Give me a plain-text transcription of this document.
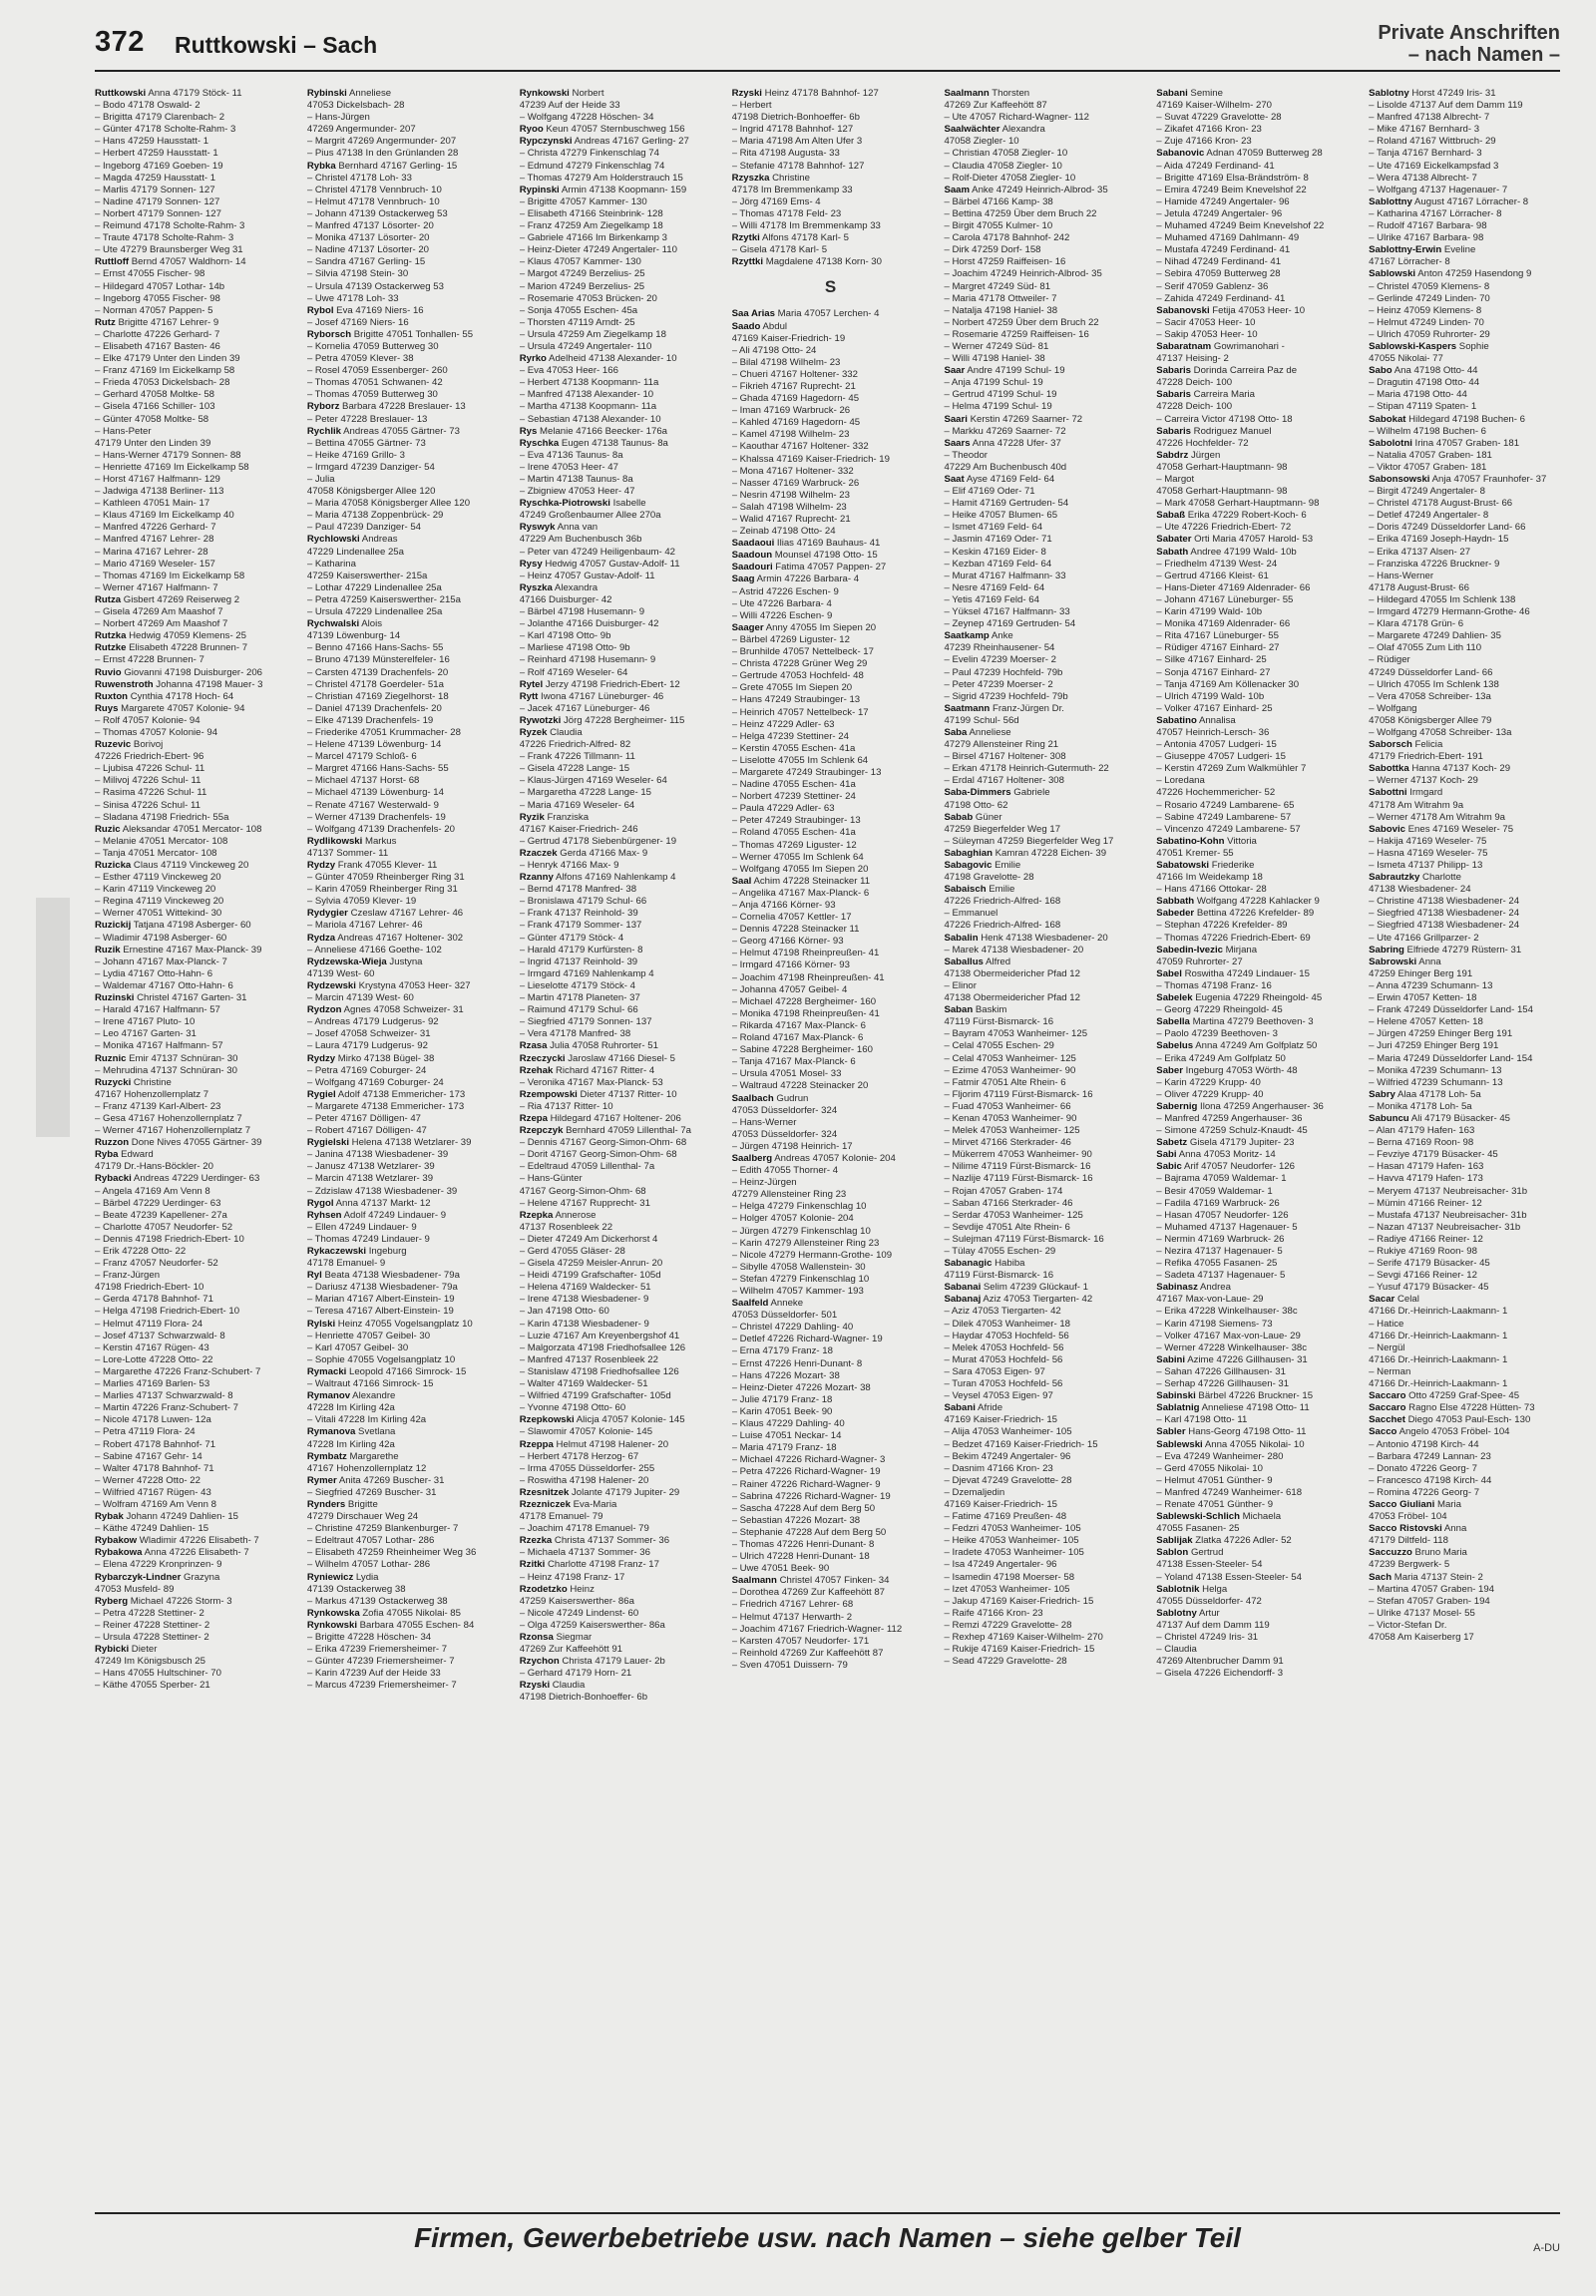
372 Ruttkowski – Sach	Private Anschriften
– nach Namen –
Ruttkowski Anna 47179 Stöck- 11
– Bodo 47178 Oswald- 2
– Brigitta 47179 Clarenbach- 2
– Günter 47178 Scholte-Rahm- 3
– Hans 47259 Hausstatt- 1
– Herbert 47259 Hausstatt- 1
– Ingeborg 47169 Goeben- 19
– Magda 47259 Hausstatt- 1
– Marlis 47179 Sonnen- 127
– Nadine 47179 Sonnen- 127
– Norbert 47179 Sonnen- 127
– Reimund 47178 Scholte-Rahm- 3
– Traute 47178 Scholte-Rahm- 3
– Ute 47279 Braunsberger Weg 31
Ruttloff Bernd 47057 Waldhorn- 14
– Ernst 47055 Fischer- 98
– Hildegard 47057 Lothar- 14b
– Ingeborg 47055 Fischer- 98
– Norman 47057 Pappen- 5
Rutz Brigitte 47167 Lehrer- 9
– Charlotte 47226 Gerhard- 7
– Elisabeth 47167 Basten- 46
– Elke 47179 Unter den Linden 39
– Franz 47169 Im Eickelkamp 58
– Frieda 47053 Dickelsbach- 28
– Gerhard 47058 Moltke- 58
– Gisela 47166 Schiller- 103
– Günter 47058 Moltke- 58
– Hans-Peter
47179 Unter den Linden 39
– Hans-Werner 47179 Sonnen- 88
– Henriette 47169 Im Eickelkamp 58
– Horst 47167 Halfmann- 129
– Jadwiga 47138 Berliner- 113
– Kathleen 47051 Main- 17
– Klaus 47169 Im Eickelkamp 40
– Manfred 47226 Gerhard- 7
– Manfred 47167 Lehrer- 28
– Marina 47167 Lehrer- 28
– Mario 47169 Weseler- 157
– Thomas 47169 Im Eickelkamp 58
– Werner 47167 Halfmann- 7
Rutza Gisbert 47269 Reiserweg 2
– Gisela 47269 Am Maashof 7
– Norbert 47269 Am Maashof 7
Rutzka Hedwig 47059 Klemens- 25
Rutzke Elisabeth 47228 Brunnen- 7
– Ernst 47228 Brunnen- 7
Ruvio Giovanni 47198 Duisburger- 206
Ruwenstroth Johanna 47198 Mauer- 3
Ruxton Cynthia 47178 Hoch- 64
Ruys Margarete 47057 Kolonie- 94
– Rolf 47057 Kolonie- 94
– Thomas 47057 Kolonie- 94
Ruzevic Borivoj
47226 Friedrich-Ebert- 96
– Ljubisa 47226 Schul- 11
– Milivoj 47226 Schul- 11
– Rasima 47226 Schul- 11
– Sinisa 47226 Schul- 11
– Sladana 47198 Friedrich- 55a
Ruzic Aleksandar 47051 Mercator- 108
– Melanie 47051 Mercator- 108
– Tanja 47051 Mercator- 108
Ruzicka Claus 47119 Vinckeweg 20
– Esther 47119 Vinckeweg 20
– Karin 47119 Vinckeweg 20
– Regina 47119 Vinckeweg 20
– Werner 47051 Wittekind- 30
Ruzickij Tatjana 47198 Asberger- 60
– Wladimir 47198 Asberger- 60
Ruzik Ernestine 47167 Max-Planck- 39
– Johann 47167 Max-Planck- 7
– Lydia 47167 Otto-Hahn- 6
– Waldemar 47167 Otto-Hahn- 6
Ruzinski Christel 47167 Garten- 31
– Harald 47167 Halfmann- 57
– Irene 47167 Pluto- 10
– Leo 47167 Garten- 31
– Monika 47167 Halfmann- 57
Ruznic Emir 47137 Schnüran- 30
– Mehrudina 47137 Schnüran- 30
Ruzycki Christine
47167 Hohenzollernplatz 7
– Franz 47139 Karl-Albert- 23
– Gesa 47167 Hohenzollernplatz 7
– Werner 47167 Hohenzollernplatz 7
Ruzzon Done Nives 47055 Gärtner- 39
Ryba Edward
47179 Dr.-Hans-Böckler- 20
Rybacki Andreas 47229 Uerdinger- 63
– Angela 47169 Am Venn 8
– Bärbel 47229 Uerdinger- 63
– Beate 47239 Kapellener- 27a
– Charlotte 47057 Neudorfer- 52
– Dennis 47198 Friedrich-Ebert- 10
– Erik 47228 Otto- 22
– Franz 47057 Neudorfer- 52
– Franz-Jürgen
47198 Friedrich-Ebert- 10
– Gerda 47178 Bahnhof- 71
– Helga 47198 Friedrich-Ebert- 10
– Helmut 47119 Flora- 24
– Josef 47137 Schwarzwald- 8
– Kerstin 47167 Rügen- 43
– Lore-Lotte 47228 Otto- 22
– Margarethe 47226 Franz-Schubert- 7
– Marlies 47169 Barlen- 53
– Marlies 47137 Schwarzwald- 8
– Martin 47226 Franz-Schubert- 7
– Nicole 47178 Luwen- 12a
– Petra 47119 Flora- 24
– Robert 47178 Bahnhof- 71
– Sabine 47167 Gehr- 14
– Walter 47178 Bahnhof- 71
– Werner 47228 Otto- 22
– Wilfried 47167 Rügen- 43
– Wolfram 47169 Am Venn 8
Rybak Johann 47249 Dahlien- 15
– Käthe 47249 Dahlien- 15
Rybakow Wladimir 47226 Elisabeth- 7
Rybakowa Anna 47226 Elisabeth- 7
– Elena 47229 Kronprinzen- 9
Rybarczyk-Lindner Grazyna
47053 Musfeld- 89
Ryberg Michael 47226 Storm- 3
– Petra 47228 Stettiner- 2
– Reiner 47228 Stettiner- 2
– Ursula 47228 Stettiner- 2
Rybicki Dieter
47249 Im Königsbusch 25
– Hans 47055 Hultschiner- 70
– Käthe 47055 Sperber- 21
Rybinski Anneliese
47053 Dickelsbach- 28
– Hans-Jürgen
47269 Angermunder- 207
– Margrit 47269 Angermunder- 207
– Pius 47138 In den Grünlanden 28
Rybka Bernhard 47167 Gerling- 15
– Christel 47178 Loh- 33
– Christel 47178 Vennbruch- 10
– Helmut 47178 Vennbruch- 10
– Johann 47139 Ostackerweg 53
– Manfred 47137 Lösorter- 20
– Monika 47137 Lösorter- 20
– Nadine 47137 Lösorter- 20
– Sandra 47167 Gerling- 15
– Silvia 47198 Stein- 30
– Ursula 47139 Ostackerweg 53
– Uwe 47178 Loh- 33
Rybol Eva 47169 Niers- 16
– Josef 47169 Niers- 16
Ryborsch Brigitte 47051 Tonhallen- 55
– Kornelia 47059 Butterweg 30
– Petra 47059 Klever- 38
– Rosel 47059 Essenberger- 260
– Thomas 47051 Schwanen- 42
– Thomas 47059 Butterweg 30
Ryborz Barbara 47228 Breslauer- 13
– Peter 47228 Breslauer- 13
Rychlik Andreas 47055 Gärtner- 73
– Bettina 47055 Gärtner- 73
– Heike 47169 Grillo- 3
– Irmgard 47239 Danziger- 54
– Julia
47058 Königsberger Allee 120
– Maria 47058 Königsberger Allee 120
– Maria 47138 Zoppenbrück- 29
– Paul 47239 Danziger- 54
Rychlowski Andreas
47229 Lindenallee 25a
– Katharina
47259 Kaiserswerther- 215a
– Lothar 47229 Lindenallee 25a
– Petra 47259 Kaiserswerther- 215a
– Ursula 47229 Lindenallee 25a
Rychwalski Alois
47139 Löwenburg- 14
– Benno 47166 Hans-Sachs- 55
– Bruno 47139 Münsterelfeler- 16
– Carsten 47139 Drachenfels- 20
– Christel 47178 Goerdeler- 51a
– Christian 47169 Ziegelhorst- 18
– Daniel 47139 Drachenfels- 20
– Elke 47139 Drachenfels- 19
– Friederike 47051 Krummacher- 28
– Helene 47139 Löwenburg- 14
– Marcel 47179 Schloß- 6
– Margret 47166 Hans-Sachs- 55
– Michael 47137 Horst- 68
– Michael 47139 Löwenburg- 14
– Renate 47167 Westerwald- 9
– Werner 47139 Drachenfels- 19
– Wolfgang 47139 Drachenfels- 20
Rydlikowski Markus
47137 Sommer- 11
Rydzy Frank 47055 Klever- 11
– Günter 47059 Rheinberger Ring 31
– Karin 47059 Rheinberger Ring 31
– Sylvia 47059 Klever- 19
Rydygier Czeslaw 47167 Lehrer- 46
– Mariola 47167 Lehrer- 46
Rydza Andreas 47167 Holtener- 302
– Anneliese 47166 Goethe- 102
Rydzewska-Wieja Justyna
47139 West- 60
Rydzewski Krystyna 47053 Heer- 327
– Marcin 47139 West- 60
Rydzon Agnes 47058 Schweizer- 31
– Andreas 47179 Ludgerus- 92
– Josef 47058 Schweizer- 31
– Laura 47179 Ludgerus- 92
Rydzy Mirko 47138 Bügel- 38
– Petra 47169 Coburger- 24
– Wolfgang 47169 Coburger- 24
Rygiel Adolf 47138 Emmericher- 173
– Margarete 47138 Emmericher- 173
– Peter 47167 Dölligen- 47
– Robert 47167 Dölligen- 47
Rygielski Helena 47138 Wetzlarer- 39
– Janina 47138 Wiesbadener- 39
– Janusz 47138 Wetzlarer- 39
– Marcin 47138 Wetzlarer- 39
– Zdzislaw 47138 Wiesbadener- 39
Rygol Anna 47137 Markt- 12
Ryhsen Adolf 47249 Lindauer- 9
– Ellen 47249 Lindauer- 9
– Thomas 47249 Lindauer- 9
Rykaczewski Ingeburg
47178 Emanuel- 9
Ryl Beata 47138 Wiesbadener- 79a
– Dariusz 47138 Wiesbadener- 79a
– Marian 47167 Albert-Einstein- 19
– Teresa 47167 Albert-Einstein- 19
Rylski Heinz 47055 Vogelsangplatz 10
– Henriette 47057 Geibel- 30
– Karl 47057 Geibel- 30
– Sophie 47055 Vogelsangplatz 10
Rymacki Leopold 47166 Simrock- 15
– Waltraut 47166 Simrock- 15
Rymanov Alexandre
47228 Im Kirling 42a
– Vitali 47228 Im Kirling 42a
Rymanova Svetlana
47228 Im Kirling 42a
Rymbatz Margarethe
47167 Hohenzollernplatz 12
Rymer Anita 47269 Buscher- 31
– Siegfried 47269 Buscher- 31
Rynders Brigitte
47279 Dirschauer Weg 24
– Christine 47259 Blankenburger- 7
– Edeltraut 47057 Lothar- 286
– Elisabeth 47259 Rheinheimer Weg 36
– Wilhelm 47057 Lothar- 286
Ryniewicz Lydia
47139 Ostackerweg 38
– Markus 47139 Ostackerweg 38
Rynkowska Zofia 47055 Nikolai- 85
Rynkowski Barbara 47055 Eschen- 84
– Brigitte 47228 Höschen- 34
– Erika 47239 Friemersheimer- 7
– Günter 47239 Friemersheimer- 7
– Karin 47239 Auf der Heide 33
– Marcus 47239 Friemersheimer- 7
Rynkowski Norbert
47239 Auf der Heide 33
– Wolfgang 47228 Höschen- 34
Ryoo Keun 47057 Sternbuschweg 156
Rypczynski Andreas 47167 Gerling- 27
– Christa 47279 Finkenschlag 74
– Edmund 47279 Finkenschlag 74
– Thomas 47279 Am Holderstrauch 15
Rypinski Armin 47138 Koopmann- 159
– Brigitte 47057 Kammer- 130
– Elisabeth 47166 Steinbrink- 128
– Franz 47259 Am Ziegelkamp 18
– Gabriele 47166 Im Birkenkamp 3
– Heinz-Dieter 47249 Angertaler- 110
– Klaus 47057 Kammer- 130
– Margot 47249 Berzelius- 25
– Marion 47249 Berzelius- 25
– Rosemarie 47053 Brücken- 20
– Sonja 47055 Eschen- 45a
– Thorsten 47119 Arndt- 25
– Ursula 47259 Am Ziegelkamp 18
– Ursula 47249 Angertaler- 110
Ryrko Adelheid 47138 Alexander- 10
– Eva 47053 Heer- 166
– Herbert 47138 Koopmann- 11a
– Manfred 47138 Alexander- 10
– Martha 47138 Koopmann- 11a
– Sebastian 47138 Alexander- 10
Rys Melanie 47166 Beecker- 176a
Ryschka Eugen 47138 Taunus- 8a
– Eva 47136 Taunus- 8a
– Irene 47053 Heer- 47
– Martin 47138 Taunus- 8a
– Zbigniew 47053 Heer- 47
Ryschka-Piotrowski Isabelle
47249 Großenbaumer Allee 270a
Ryswyk Anna van
47229 Am Buchenbusch 36b
– Peter van 47249 Heiligenbaum- 42
Rysy Hedwig 47057 Gustav-Adolf- 11
– Heinz 47057 Gustav-Adolf- 11
Ryszka Alexandra
47166 Duisburger- 42
– Bärbel 47198 Husemann- 9
– Jolanthe 47166 Duisburger- 42
– Karl 47198 Otto- 9b
– Marliese 47198 Otto- 9b
– Reinhard 47198 Husemann- 9
– Rolf 47169 Weseler- 64
Rytel Jerzy 47198 Friedrich-Ebert- 12
Rytt Iwona 47167 Lüneburger- 46
– Jacek 47167 Lüneburger- 46
Rywotzki Jörg 47228 Bergheimer- 115
Ryzek Claudia
47226 Friedrich-Alfred- 82
– Frank 47226 Tillmann- 11
– Gisela 47228 Lange- 15
– Klaus-Jürgen 47169 Weseler- 64
– Margaretha 47228 Lange- 15
– Maria 47169 Weseler- 64
Ryzik Franziska
47167 Kaiser-Friedrich- 246
– Gertrud 47178 Siebenbürgener- 19
Rzaczek Gerda 47166 Max- 9
– Henryk 47166 Max- 9
Rzanny Alfons 47169 Nahlenkamp 4
– Bernd 47178 Manfred- 38
– Bronislawa 47179 Schul- 66
– Frank 47137 Reinhold- 39
– Frank 47179 Sommer- 137
– Günter 47179 Stöck- 4
– Harald 47179 Kurfürsten- 8
– Ingrid 47137 Reinhold- 39
– Irmgard 47169 Nahlenkamp 4
– Lieselotte 47179 Stöck- 4
– Martin 47178 Planeten- 37
– Raimund 47179 Schul- 66
– Siegfried 47179 Sonnen- 137
– Vera 47178 Manfred- 38
Rzasa Julia 47058 Ruhrorter- 51
Rzeczycki Jaroslaw 47166 Diesel- 5
Rzehak Richard 47167 Ritter- 4
– Veronika 47167 Max-Planck- 53
Rzempowski Dieter 47137 Ritter- 10
– Ria 47137 Ritter- 10
Rzepa Hildegard 47167 Holtener- 206
Rzepczyk Bernhard 47059 Lillenthal- 7a
– Dennis 47167 Georg-Simon-Ohm- 68
– Dorit 47167 Georg-Simon-Ohm- 68
– Edeltraud 47059 Lillenthal- 7a
– Hans-Günter
47167 Georg-Simon-Ohm- 68
– Helene 47167 Rupprecht- 31
Rzepka Annerose
47137 Rosenbleek 22
– Dieter 47249 Am Dickerhorst 4
– Gerd 47055 Gläser- 28
– Gisela 47259 Meisler-Anrun- 20
– Heidi 47199 Grafschafter- 105d
– Helena 47169 Waldecker- 51
– Irene 47138 Wiesbadener- 9
– Jan 47198 Otto- 60
– Karin 47138 Wiesbadener- 9
– Luzie 47167 Am Kreyenbergshof 41
– Malgorzata 47198 Friedhofsallee 126
– Manfred 47137 Rosenbleek 22
– Stanislaw 47198 Friedhofsallee 126
– Walter 47169 Waldecker- 51
– Wilfried 47199 Grafschafter- 105d
– Yvonne 47198 Otto- 60
Rzepkowski Alicja 47057 Kolonie- 145
– Slawomir 47057 Kolonie- 145
Rzeppa Helmut 47198 Halener- 20
– Herbert 47178 Herzog- 67
– Irma 47055 Düsseldorfer- 255
– Roswitha 47198 Halener- 20
Rzesnitzek Jolante 47179 Jupiter- 29
Rzezniczek Eva-Maria
47178 Emanuel- 79
– Joachim 47178 Emanuel- 79
Rzezka Christa 47137 Sommer- 36
– Michaela 47137 Sommer- 36
Rzitki Charlotte 47198 Franz- 17
– Heinz 47198 Franz- 17
Rzodetzko Heinz
47259 Kaiserswerther- 86a
– Nicole 47249 Lindenst- 60
– Olga 47259 Kaiserswerther- 86a
Rzonsa Siegmar
47269 Zur Kaffeehött 91
Rzychon Christa 47179 Lauer- 2b
– Gerhard 47179 Horn- 21
Rzyski Claudia
47198 Dietrich-Bonhoeffer- 6b
Rzyski Heinz 47178 Bahnhof- 127
– Herbert
47198 Dietrich-Bonhoeffer- 6b
– Ingrid 47178 Bahnhof- 127
– Maria 47198 Am Alten Ufer 3
– Rita 47198 Augusta- 33
– Stefanie 47178 Bahnhof- 127
Rzyszka Christine
47178 Im Bremmenkamp 33
– Jörg 47169 Ems- 4
– Thomas 47178 Feld- 23
– Willi 47178 Im Bremmenkamp 33
Rzytki Alfons 47178 Karl- 5
– Gisela 47178 Karl- 5
Rzyttki Magdalene 47138 Korn- 30
S
Saa Arias Maria 47057 Lerchen- 4
Saado Abdul
47169 Kaiser-Friedrich- 19
– Ali 47198 Otto- 24
– Bilal 47198 Wilhelm- 23
– Chueri 47167 Holtener- 332
– Fikrieh 47167 Ruprecht- 21
– Ghada 47169 Hagedorn- 45
– Iman 47169 Warbruck- 26
– Kahled 47169 Hagedorn- 45
– Kamel 47198 Wilhelm- 23
– Kaouthar 47167 Holtener- 332
– Khalssa 47169 Kaiser-Friedrich- 19
– Mona 47167 Holtener- 332
– Nasser 47169 Warbruck- 26
– Nesrin 47198 Wilhelm- 23
– Salah 47198 Wilhelm- 23
– Walid 47167 Ruprecht- 21
– Zeinab 47198 Otto- 24
Saadaoui Ilias 47169 Bauhaus- 41
Saadoun Mounsel 47198 Otto- 15
Saadouri Fatima 47057 Pappen- 27
Saag Armin 47226 Barbara- 4
– Astrid 47226 Eschen- 9
– Ute 47226 Barbara- 4
– Willi 47226 Eschen- 9
Saager Anny 47055 Im Siepen 20
– Bärbel 47269 Liguster- 12
– Brunhilde 47057 Nettelbeck- 17
– Christa 47228 Grüner Weg 29
– Gertrude 47053 Hochfeld- 48
– Grete 47055 Im Siepen 20
– Hans 47249 Straubinger- 13
– Heinrich 47057 Nettelbeck- 17
– Heinz 47229 Adler- 63
– Helga 47239 Stettiner- 24
– Kerstin 47055 Eschen- 41a
– Liselotte 47055 Im Schlenk 64
– Margarete 47249 Straubinger- 13
– Nadine 47055 Eschen- 41a
– Norbert 47239 Stettiner- 24
– Paula 47229 Adler- 63
– Peter 47249 Straubinger- 13
– Roland 47055 Eschen- 41a
– Thomas 47269 Liguster- 12
– Werner 47055 Im Schlenk 64
– Wolfgang 47055 Im Siepen 20
Saal Achim 47228 Steinacker 11
– Angelika 47167 Max-Planck- 6
– Anja 47166 Körner- 93
– Cornelia 47057 Kettler- 17
– Dennis 47228 Steinacker 11
– Georg 47166 Körner- 93
– Helmut 47198 Rheinpreußen- 41
– Irmgard 47166 Körner- 93
– Joachim 47198 Rheinpreußen- 41
– Johanna 47057 Geibel- 4
– Michael 47228 Bergheimer- 160
– Monika 47198 Rheinpreußen- 41
– Rikarda 47167 Max-Planck- 6
– Roland 47167 Max-Planck- 6
– Sabine 47228 Bergheimer- 160
– Tanja 47167 Max-Planck- 6
– Ursula 47051 Mosel- 33
– Waltraud 47228 Steinacker 20
Saalbach Gudrun
47053 Düsseldorfer- 324
– Hans-Werner
47053 Düsseldorfer- 324
– Jürgen 47198 Heinrich- 17
Saalberg Andreas 47057 Kolonie- 204
– Edith 47055 Thorner- 4
– Heinz-Jürgen
47279 Allensteiner Ring 23
– Helga 47279 Finkenschlag 10
– Holger 47057 Kolonie- 204
– Jürgen 47279 Finkenschlag 10
– Karin 47279 Allensteiner Ring 23
– Nicole 47279 Hermann-Grothe- 109
– Sibylle 47058 Wallenstein- 30
– Stefan 47279 Finkenschlag 10
– Wilhelm 47057 Kammer- 193
Saalfeld Anneke
47053 Düsseldorfer- 501
– Christel 47229 Dahling- 40
– Detlef 47226 Richard-Wagner- 19
– Erna 47179 Franz- 18
– Ernst 47226 Henri-Dunant- 8
– Hans 47226 Mozart- 38
– Heinz-Dieter 47226 Mozart- 38
– Julie 47179 Franz- 18
– Karin 47051 Beek- 90
– Klaus 47229 Dahling- 40
– Luise 47051 Neckar- 14
– Maria 47179 Franz- 18
– Michael 47226 Richard-Wagner- 3
– Petra 47226 Richard-Wagner- 19
– Rainer 47226 Richard-Wagner- 9
– Sabrina 47226 Richard-Wagner- 19
– Sascha 47228 Auf dem Berg 50
– Sebastian 47226 Mozart- 38
– Stephanie 47228 Auf dem Berg 50
– Thomas 47226 Henri-Dunant- 8
– Ulrich 47228 Henri-Dunant- 18
– Uwe 47051 Beek- 90
Saalmann Christel 47057 Finken- 34
– Dorothea 47269 Zur Kaffeehött 87
– Friedrich 47167 Lehrer- 68
– Helmut 47137 Herwarth- 2
– Joachim 47167 Friedrich-Wagner- 112
– Karsten 47057 Neudorfer- 171
– Reinhold 47269 Zur Kaffeehött 87
– Sven 47051 Duissern- 79
Saalmann Thorsten
47269 Zur Kaffeehött 87
– Ute 47057 Richard-Wagner- 112
Saalwächter Alexandra
47058 Ziegler- 10
– Christian 47058 Ziegler- 10
– Claudia 47058 Ziegler- 10
– Rolf-Dieter 47058 Ziegler- 10
Saam Anke 47249 Heinrich-Albrod- 35
– Bärbel 47166 Kamp- 38
– Bettina 47259 Über dem Bruch 22
– Birgit 47055 Kulmer- 10
– Carola 47178 Bahnhof- 242
– Dirk 47259 Dorf- 158
– Horst 47259 Raiffeisen- 16
– Joachim 47249 Heinrich-Albrod- 35
– Margret 47249 Süd- 81
– Maria 47178 Ottweiler- 7
– Natalja 47198 Haniel- 38
– Norbert 47259 Über dem Bruch 22
– Rosemarie 47259 Raiffeisen- 16
– Werner 47249 Süd- 81
– Willi 47198 Haniel- 38
Saar Andre 47199 Schul- 19
– Anja 47199 Schul- 19
– Gertrud 47199 Schul- 19
– Helma 47199 Schul- 19
Saari Kerstin 47269 Saarner- 72
– Markku 47269 Saarner- 72
Saars Anna 47228 Ufer- 37
– Theodor
47229 Am Buchenbusch 40d
Saat Ayse 47169 Feld- 64
– Elif 47169 Oder- 71
– Hamit 47169 Gertruden- 54
– Heike 47057 Blumen- 65
– Ismet 47169 Feld- 64
– Jasmin 47169 Oder- 71
– Keskin 47169 Eider- 8
– Kezban 47169 Feld- 64
– Murat 47167 Halfmann- 33
– Nesre 47169 Feld- 64
– Yetis 47169 Feld- 64
– Yüksel 47167 Halfmann- 33
– Zeynep 47169 Gertruden- 54
Saatkamp Anke
47239 Rheinhausener- 54
– Evelin 47239 Moerser- 2
– Paul 47239 Hochfeld- 79b
– Peter 47239 Moerser- 2
– Sigrid 47239 Hochfeld- 79b
Saatmann Franz-Jürgen Dr.
47199 Schul- 56d
Saba Anneliese
47279 Allensteiner Ring 21
– Birsel 47167 Holtener- 308
– Erkan 47178 Heinrich-Gutermuth- 22
– Erdal 47167 Holtener- 308
Saba-Dimmers Gabriele
47198 Otto- 62
Sabab Güner
47259 Biegerfelder Weg 17
– Süleyman 47259 Biegerfelder Weg 17
Sabaghian Kamran 47228 Eichen- 39
Sabagovic Emilie
47198 Gravelotte- 28
Sabaisch Emilie
47226 Friedrich-Alfred- 168
– Emmanuel
47226 Friedrich-Alfred- 168
Sabalin Henk 47138 Wiesbadener- 20
– Marek 47138 Wiesbadener- 20
Saballus Alfred
47138 Obermeidericher Pfad 12
– Elinor
47138 Obermeidericher Pfad 12
Saban Baskim
47119 Fürst-Bismarck- 16
– Bayram 47053 Wanheimer- 125
– Celal 47055 Eschen- 29
– Celal 47053 Wanheimer- 125
– Ezime 47053 Wanheimer- 90
– Fatmir 47051 Alte Rhein- 6
– Fljorim 47119 Fürst-Bismarck- 16
– Fuad 47053 Wanheimer- 66
– Kenan 47053 Wanheimer- 90
– Melek 47053 Wanheimer- 125
– Mirvet 47166 Sterkrader- 46
– Mükerrem 47053 Wanheimer- 90
– Nilime 47119 Fürst-Bismarck- 16
– Nazlije 47119 Fürst-Bismarck- 16
– Rojan 47057 Graben- 174
– Saban 47166 Sterkrader- 46
– Serdar 47053 Wanheimer- 125
– Sevdije 47051 Alte Rhein- 6
– Sulejman 47119 Fürst-Bismarck- 16
– Tülay 47055 Eschen- 29
Sabanagic Habiba
47119 Fürst-Bismarck- 16
Sabanai Selim 47239 Glückauf- 1
Sabanaj Aziz 47053 Tiergarten- 42
– Aziz 47053 Tiergarten- 42
– Dilek 47053 Wanheimer- 18
– Haydar 47053 Hochfeld- 56
– Melek 47053 Hochfeld- 56
– Murat 47053 Hochfeld- 56
– Sara 47053 Eigen- 97
– Turan 47053 Hochfeld- 56
– Veysel 47053 Eigen- 97
Sabani Afride
47169 Kaiser-Friedrich- 15
– Alija 47053 Wanheimer- 105
– Bedzet 47169 Kaiser-Friedrich- 15
– Bekim 47249 Angertaler- 96
– Dasnim 47166 Kron- 23
– Djevat 47249 Gravelotte- 28
– Dzemaljedin
47169 Kaiser-Friedrich- 15
– Fatime 47169 Preußen- 48
– Fedzri 47053 Wanheimer- 105
– Heike 47053 Wanheimer- 105
– Iradete 47053 Wanheimer- 105
– Isa 47249 Angertaler- 96
– Isamedin 47198 Moerser- 58
– Izet 47053 Wanheimer- 105
– Jakup 47169 Kaiser-Friedrich- 15
– Raife 47166 Kron- 23
– Remzi 47229 Gravelotte- 28
– Rexhep 47169 Kaiser-Wilhelm- 270
– Rukije 47169 Kaiser-Friedrich- 15
– Sead 47229 Gravelotte- 28
Sabani Semine
47169 Kaiser-Wilhelm- 270
– Suvat 47229 Gravelotte- 28
– Zikafet 47166 Kron- 23
– Zuje 47166 Kron- 23
Sabanovic Adnan 47059 Butterweg 28
– Aida 47249 Ferdinand- 41
– Brigitte 47169 Elsa-Brändström- 8
– Emira 47249 Beim Knevelshof 22
– Hamide 47249 Angertaler- 96
– Jetula 47249 Angertaler- 96
– Muhamed 47249 Beim Knevelshof 22
– Muhamed 47169 Dahlmann- 49
– Mustafa 47249 Ferdinand- 41
– Nihad 47249 Ferdinand- 41
– Sebira 47059 Butterweg 28
– Serif 47059 Gablenz- 36
– Zahida 47249 Ferdinand- 41
Sabanovski Fetija 47053 Heer- 10
– Sacir 47053 Heer- 10
– Sakip 47053 Heer- 10
Sabaratnam Gowrimanohari -
47137 Heising- 2
Sabaris Dorinda Carreira Paz de
47228 Deich- 100
Sabaris Carreira Maria
47228 Deich- 100
– Carreira Victor 47198 Otto- 18
Sabaris Rodriguez Manuel
47226 Hochfelder- 72
Sabdrz Jürgen
47058 Gerhart-Hauptmann- 98
– Margot
47058 Gerhart-Hauptmann- 98
– Mark 47058 Gerhart-Hauptmann- 98
Sabaß Erika 47229 Robert-Koch- 6
– Ute 47226 Friedrich-Ebert- 72
Sabater Orti Maria 47057 Harold- 53
Sabath Andree 47199 Wald- 10b
– Friedhelm 47139 West- 24
– Gertrud 47166 Kleist- 61
– Hans-Dieter 47169 Aldenrader- 66
– Johann 47167 Lüneburger- 55
– Karin 47199 Wald- 10b
– Monika 47169 Aldenrader- 66
– Rita 47167 Lüneburger- 55
– Rüdiger 47167 Einhard- 27
– Silke 47167 Einhard- 25
– Sonja 47167 Einhard- 27
– Tanja 47169 Am Köllenacker 30
– Ulrich 47199 Wald- 10b
– Volker 47167 Einhard- 25
Sabatino Annalisa
47057 Heinrich-Lersch- 36
– Antonia 47057 Ludgeri- 15
– Giuseppe 47057 Ludgeri- 15
– Kerstin 47269 Zum Walkmühler 7
– Loredana
47226 Hochemmericher- 52
– Rosario 47249 Lambarene- 65
– Sabine 47249 Lambarene- 57
– Vincenzo 47249 Lambarene- 57
Sabatino-Kohn Vittoria
47051 Kremer- 55
Sabatowski Friederike
47166 Im Weidekamp 18
– Hans 47166 Ottokar- 28
Sabbath Wolfgang 47228 Kahlacker 9
Sabeder Bettina 47226 Krefelder- 89
– Stephan 47226 Krefelder- 89
– Thomas 47226 Friedrich-Ebert- 69
Sabedin-Ivezic Mirjana
47059 Ruhrorter- 27
Sabel Roswitha 47249 Lindauer- 15
– Thomas 47198 Franz- 16
Sabelek Eugenia 47229 Rheingold- 45
– Georg 47229 Rheingold- 45
Sabella Martina 47279 Beethoven- 3
– Paolo 47239 Beethoven- 3
Sabelus Anna 47249 Am Golfplatz 50
– Erika 47249 Am Golfplatz 50
Saber Ingeburg 47053 Wörth- 48
– Karin 47229 Krupp- 40
– Oliver 47229 Krupp- 40
Sabernig Ilona 47259 Angerhauser- 36
– Manfred 47259 Angerhauser- 36
– Simone 47259 Schulz-Knaudt- 45
Sabetz Gisela 47179 Jupiter- 23
Sabi Anna 47053 Moritz- 14
Sabic Arif 47057 Neudorfer- 126
– Bajrama 47059 Waldemar- 1
– Besir 47059 Waldemar- 1
– Fadila 47169 Warbruck- 26
– Hasan 47057 Neudorfer- 126
– Muhamed 47137 Hagenauer- 5
– Nermin 47169 Warbruck- 26
– Nezira 47137 Hagenauer- 5
– Refika 47055 Fasanen- 25
– Sadeta 47137 Hagenauer- 5
Sabinasz Andrea
47167 Max-von-Laue- 29
– Erika 47228 Winkelhauser- 38c
– Karin 47198 Siemens- 73
– Volker 47167 Max-von-Laue- 29
– Werner 47228 Winkelhauser- 38c
Sabini Azime 47226 Gillhausen- 31
– Sahan 47226 Gillhausen- 31
– Serhap 47226 Gillhausen- 31
Sabinski Bärbel 47226 Bruckner- 15
Sablatnig Anneliese 47198 Otto- 11
– Karl 47198 Otto- 11
Sabler Hans-Georg 47198 Otto- 11
Sablewski Anna 47055 Nikolai- 10
– Eva 47249 Wanheimer- 280
– Gerd 47055 Nikolai- 10
– Helmut 47051 Günther- 9
– Manfred 47249 Wanheimer- 618
– Renate 47051 Günther- 9
Sablewski-Schlich Michaela
47055 Fasanen- 25
Sablijak Zlatka 47226 Adler- 52
Sablon Gertrud
47138 Essen-Steeler- 54
– Yoland 47138 Essen-Steeler- 54
Sablotnik Helga
47055 Düsseldorfer- 472
Sablotny Artur
47137 Auf dem Damm 119
– Christel 47249 Iris- 31
– Claudia
47269 Altenbrucher Damm 91
– Gisela 47226 Eichendorff- 3
Sablotny Horst 47249 Iris- 31
– Lisolde 47137 Auf dem Damm 119
– Manfred 47138 Albrecht- 7
– Mike 47167 Bernhard- 3
– Roland 47167 Wittbruch- 29
– Tanja 47167 Bernhard- 3
– Ute 47169 Eickelkampsfad 3
– Wera 47138 Albrecht- 7
– Wolfgang 47137 Hagenauer- 7
Sablottny August 47167 Lörracher- 8
– Katharina 47167 Lörracher- 8
– Rudolf 47167 Barbara- 98
– Ulrike 47167 Barbara- 98
Sablottny-Erwin Eveline
47167 Lörracher- 8
Sablowski Anton 47259 Hasendong 9
– Christel 47059 Klemens- 8
– Gerlinde 47249 Linden- 70
– Heinz 47059 Klemens- 8
– Helmut 47249 Linden- 70
– Ulrich 47059 Ruhrorter- 29
Sablowski-Kaspers Sophie
47055 Nikolai- 77
Sabo Ana 47198 Otto- 44
– Dragutin 47198 Otto- 44
– Maria 47198 Otto- 44
– Stipan 47119 Spaten- 1
Sabokat Hildegard 47198 Buchen- 6
– Wilhelm 47198 Buchen- 6
Sabolotni Irina 47057 Graben- 181
– Natalia 47057 Graben- 181
– Viktor 47057 Graben- 181
Sabonsowski Anja 47057 Fraunhofer- 37
– Birgit 47249 Angertaler- 8
– Christel 47178 August-Brust- 66
– Detlef 47249 Angertaler- 8
– Doris 47249 Düsseldorfer Land- 66
– Erika 47169 Joseph-Haydn- 15
– Erika 47137 Alsen- 27
– Franziska 47226 Bruckner- 9
– Hans-Werner
47178 August-Brust- 66
– Hildegard 47055 Im Schlenk 138
– Irmgard 47279 Hermann-Grothe- 46
– Klara 47178 Grün- 6
– Margarete 47249 Dahlien- 35
– Olaf 47055 Zum Lith 110
– Rüdiger
47249 Düsseldorfer Land- 66
– Ulrich 47055 Im Schlenk 138
– Vera 47058 Schreiber- 13a
– Wolfgang
47058 Königsberger Allee 79
– Wolfgang 47058 Schreiber- 13a
Saborsch Felicia
47179 Friedrich-Ebert- 191
Sabottka Hanna 47137 Koch- 29
– Werner 47137 Koch- 29
Sabottni Irmgard
47178 Am Witrahm 9a
– Werner 47178 Am Witrahm 9a
Sabovic Enes 47169 Weseler- 75
– Hakija 47169 Weseler- 75
– Hasna 47169 Weseler- 75
– Ismeta 47137 Philipp- 13
Sabrautzky Charlotte
47138 Wiesbadener- 24
– Christine 47138 Wiesbadener- 24
– Siegfried 47138 Wiesbadener- 24
– Siegfried 47138 Wiesbadener- 24
– Ute 47166 Grillparzer- 2
Sabring Elfriede 47279 Rüstern- 31
Sabrowski Anna
47259 Ehinger Berg 191
– Anna 47239 Schumann- 13
– Erwin 47057 Ketten- 18
– Frank 47249 Düsseldorfer Land- 154
– Helene 47057 Ketten- 18
– Jürgen 47259 Ehinger Berg 191
– Juri 47259 Ehinger Berg 191
– Maria 47249 Düsseldorfer Land- 154
– Monika 47239 Schumann- 13
– Wilfried 47239 Schumann- 13
Sabry Alaa 47178 Loh- 5a
– Monika 47178 Loh- 5a
Sabuncu Ali 47179 Büsacker- 45
– Alan 47179 Hafen- 163
– Berna 47169 Roon- 98
– Fevziye 47179 Büsacker- 45
– Hasan 47179 Hafen- 163
– Havva 47179 Hafen- 173
– Meryem 47137 Neubreisacher- 31b
– Mümin 47166 Reiner- 12
– Mustafa 47137 Neubreisacher- 31b
– Nazan 47137 Neubreisacher- 31b
– Radiye 47166 Reiner- 12
– Rukiye 47169 Roon- 98
– Serife 47179 Büsacker- 45
– Sevgi 47166 Reiner- 12
– Yusuf 47179 Büsacker- 45
Sacar Celal
47166 Dr.-Heinrich-Laakmann- 1
– Hatice
47166 Dr.-Heinrich-Laakmann- 1
– Nergül
47166 Dr.-Heinrich-Laakmann- 1
– Nerman
47166 Dr.-Heinrich-Laakmann- 1
Saccaro Otto 47259 Graf-Spee- 45
Saccaro Ragno Else 47228 Hütten- 73
Sacchet Diego 47053 Paul-Esch- 130
Sacco Angelo 47053 Fröbel- 104
– Antonio 47198 Kirch- 44
– Barbara 47249 Lannan- 23
– Donato 47226 Georg- 7
– Francesco 47198 Kirch- 44
– Romina 47226 Georg- 7
Sacco Giuliani Maria
47053 Fröbel- 104
Sacco Ristovski Anna
47179 Diltfeld- 118
Saccuzzo Bruno Maria
47239 Bergwerk- 5
Sach Maria 47137 Stein- 2
– Martina 47057 Graben- 194
– Stefan 47057 Graben- 194
– Ulrike 47137 Mosel- 55
– Victor-Stefan Dr.
47058 Am Kaiserberg 17
Firmen, Gewerbebetriebe usw. nach Namen – siehe gelber Teil	A-DU
